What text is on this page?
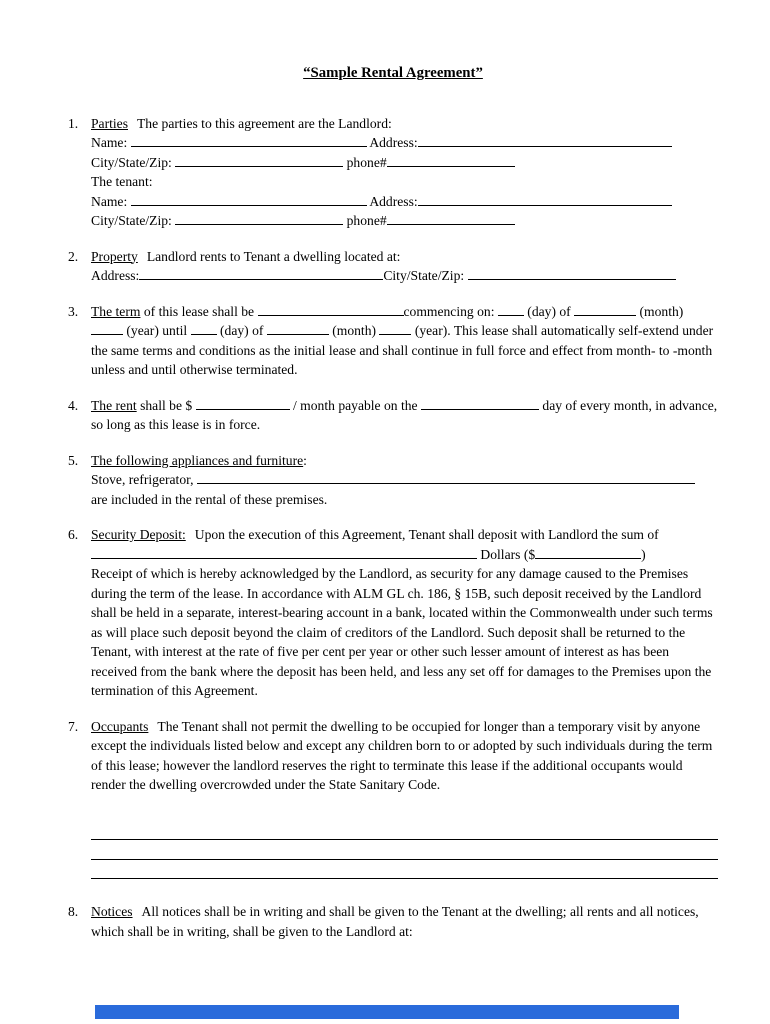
“Sample Rental Agreement”
1. Parties The parties to this agreement are the Landlord:
Name:	Address:
City/State/Zip:	phone#
The tenant:
Name:	Address:
City/State/Zip:	phone#
2. Property Landlord rents to Tenant a dwelling located at:
Address:	City/State/Zip:
3. The term of this lease shall be	commencing on: (day) of	(month)  (year) until (day) of	(month)	(year). This lease shall automatically self-extend under the same terms and conditions as the initial lease and shall continue in full force and effect from month- to -month unless and until otherwise terminated.
4. The rent shall be $	/ month payable on the	day of every month, in advance, so long as this lease is in force.
5. The following appliances and furniture:
Stove, refrigerator,
are included in the rental of these premises.
6. Security Deposit: Upon the execution of this Agreement, Tenant shall deposit with Landlord the sum of  Dollars ($	)
Receipt of which is hereby acknowledged by the Landlord, as security for any damage caused to the Premises during the term of the lease. In accordance with ALM GL ch. 186, § 15B, such deposit received by the Landlord shall be held in a separate, interest-bearing account in a bank, located within the Commonwealth under such terms as will place such deposit beyond the claim of creditors of the Landlord. Such deposit shall be returned to the Tenant, with interest at the rate of five per cent per year or other such lesser amount of interest as has been received from the bank where the deposit has been held, and less any set off for damages to the Premises upon the termination of this Agreement.
7. Occupants The Tenant shall not permit the dwelling to be occupied for longer than a temporary visit by anyone except the individuals listed below and except any children born to or adopted by such individuals during the term of this lease; however the landlord reserves the right to terminate this lease if the additional occupants would render the dwelling overcrowded under the State Sanitary Code.
8. Notices All notices shall be in writing and shall be given to the Tenant at the dwelling; all rents and all notices, which shall be in writing, shall be given to the Landlord at:
